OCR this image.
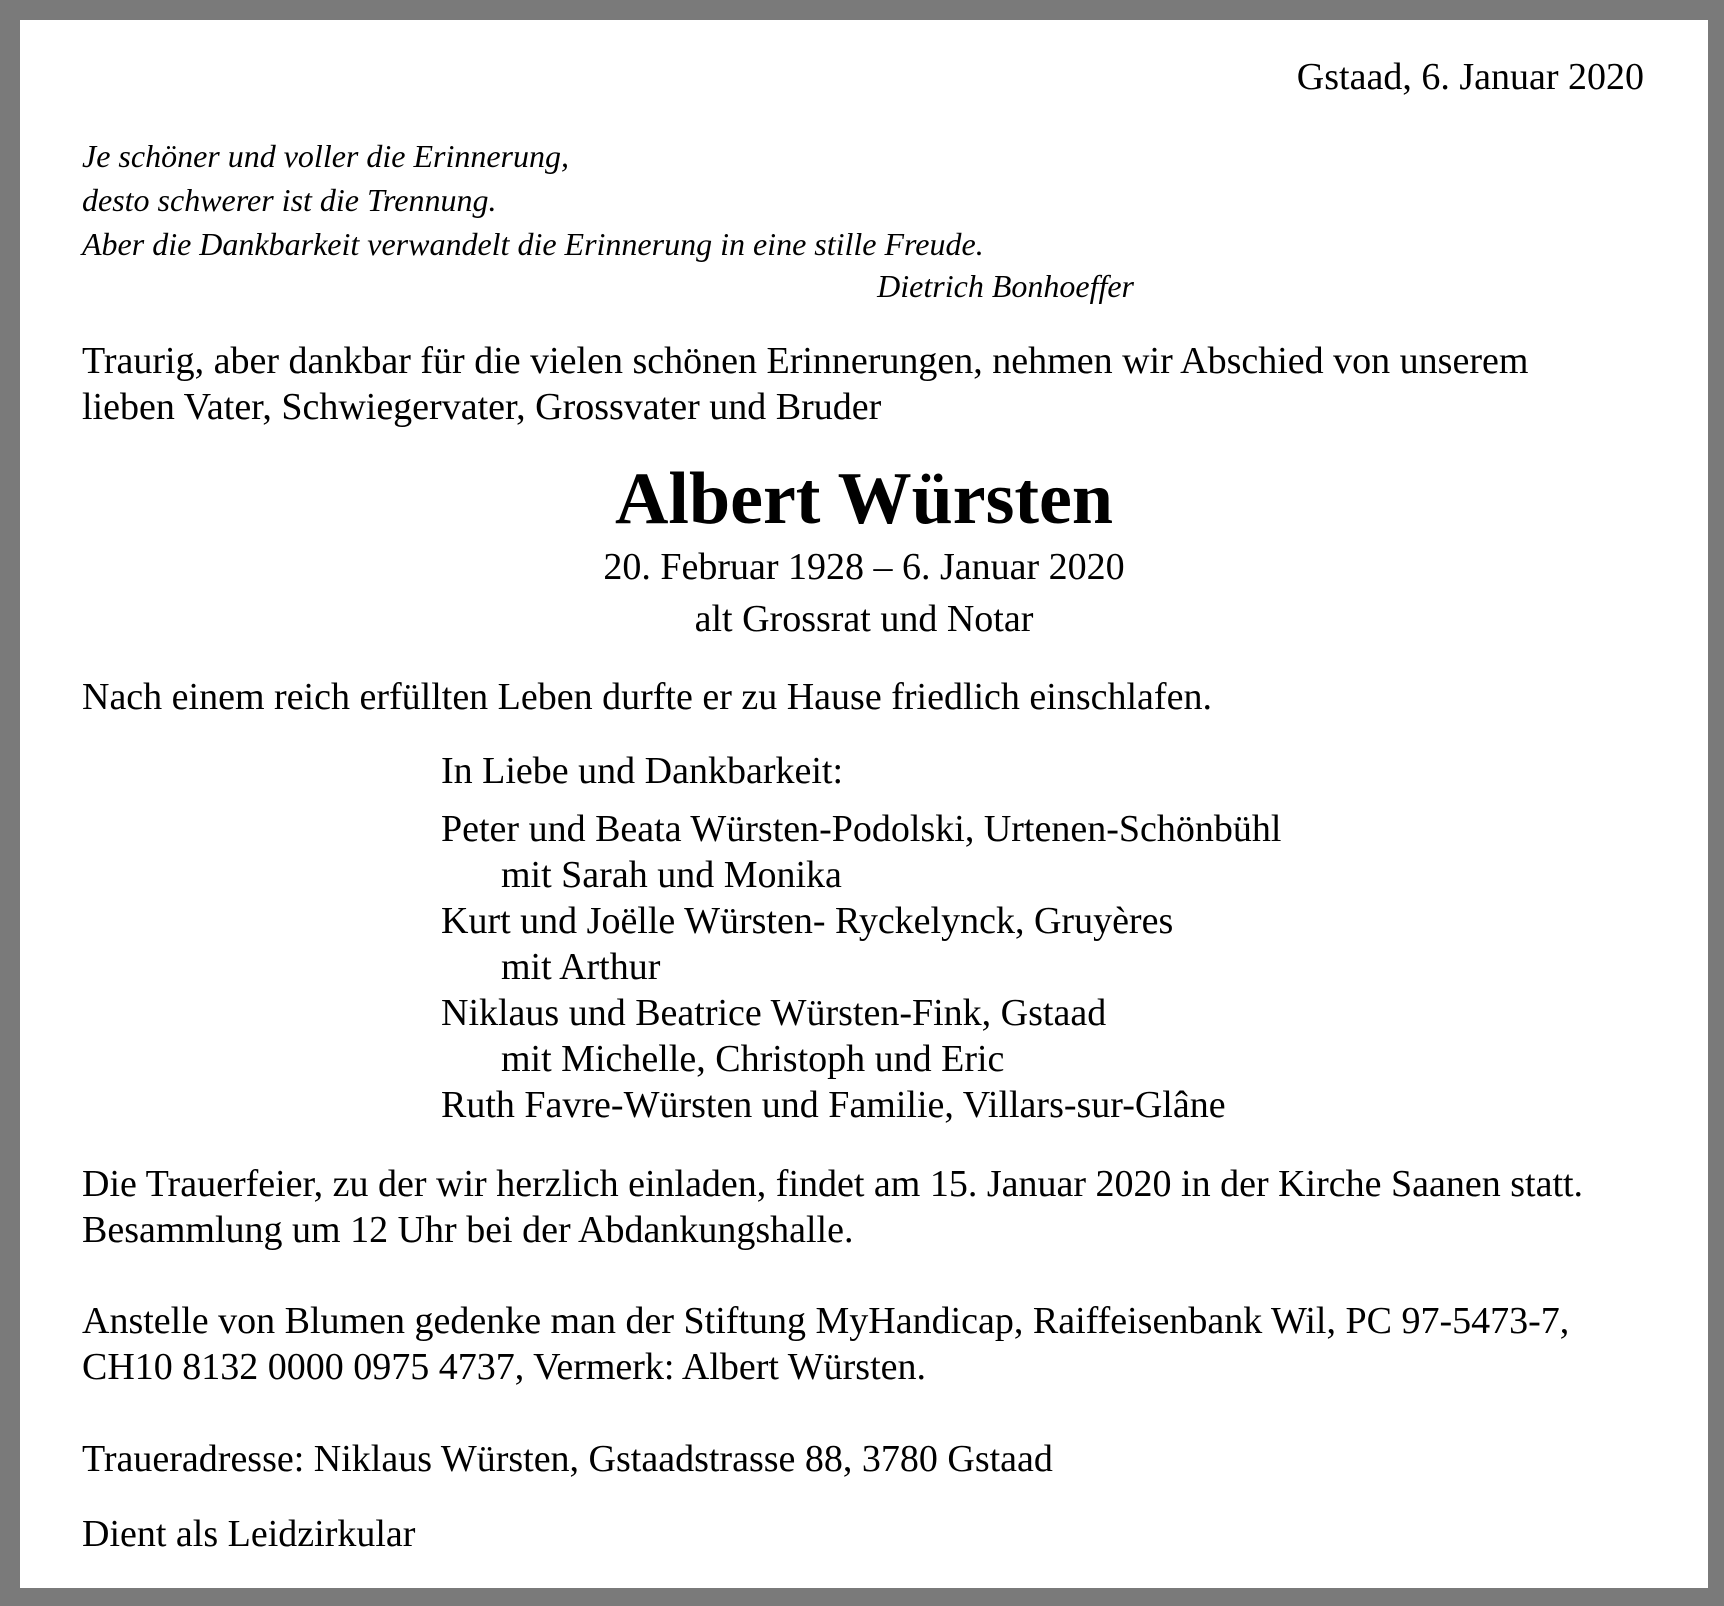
Gstaad, 6. Januar 2020
Je schöner und voller die Erinnerung,
desto schwerer ist die Trennung.
Aber die Dankbarkeit verwandelt die Erinnerung in eine stille Freude.
Dietrich Bonhoeffer
Traurig, aber dankbar für die vielen schönen Erinnerungen, nehmen wir Abschied von unserem
lieben Vater, Schwiegervater, Grossvater und Bruder
Albert Würsten
20. Februar 1928 – 6. Januar 2020
alt Grossrat und Notar
Nach einem reich erfüllten Leben durfte er zu Hause friedlich einschlafen.
In Liebe und Dankbarkeit:
Peter und Beata Würsten-Podolski, Urtenen-Schönbühl
mit Sarah und Monika
Kurt und Joëlle Würsten- Ryckelynck, Gruyères
mit Arthur
Niklaus und Beatrice Würsten-Fink, Gstaad
mit Michelle, Christoph und Eric
Ruth Favre-Würsten und Familie, Villars-sur-Glâne
Die Trauerfeier, zu der wir herzlich einladen, findet am 15. Januar 2020 in der Kirche Saanen statt.
Besammlung um 12 Uhr bei der Abdankungshalle.
Anstelle von Blumen gedenke man der Stiftung MyHandicap, Raiffeisenbank Wil, PC 97-5473-7,
CH10 8132 0000 0975 4737, Vermerk: Albert Würsten.
Traueradresse: Niklaus Würsten, Gstaadstrasse 88, 3780 Gstaad
Dient als Leidzirkular
